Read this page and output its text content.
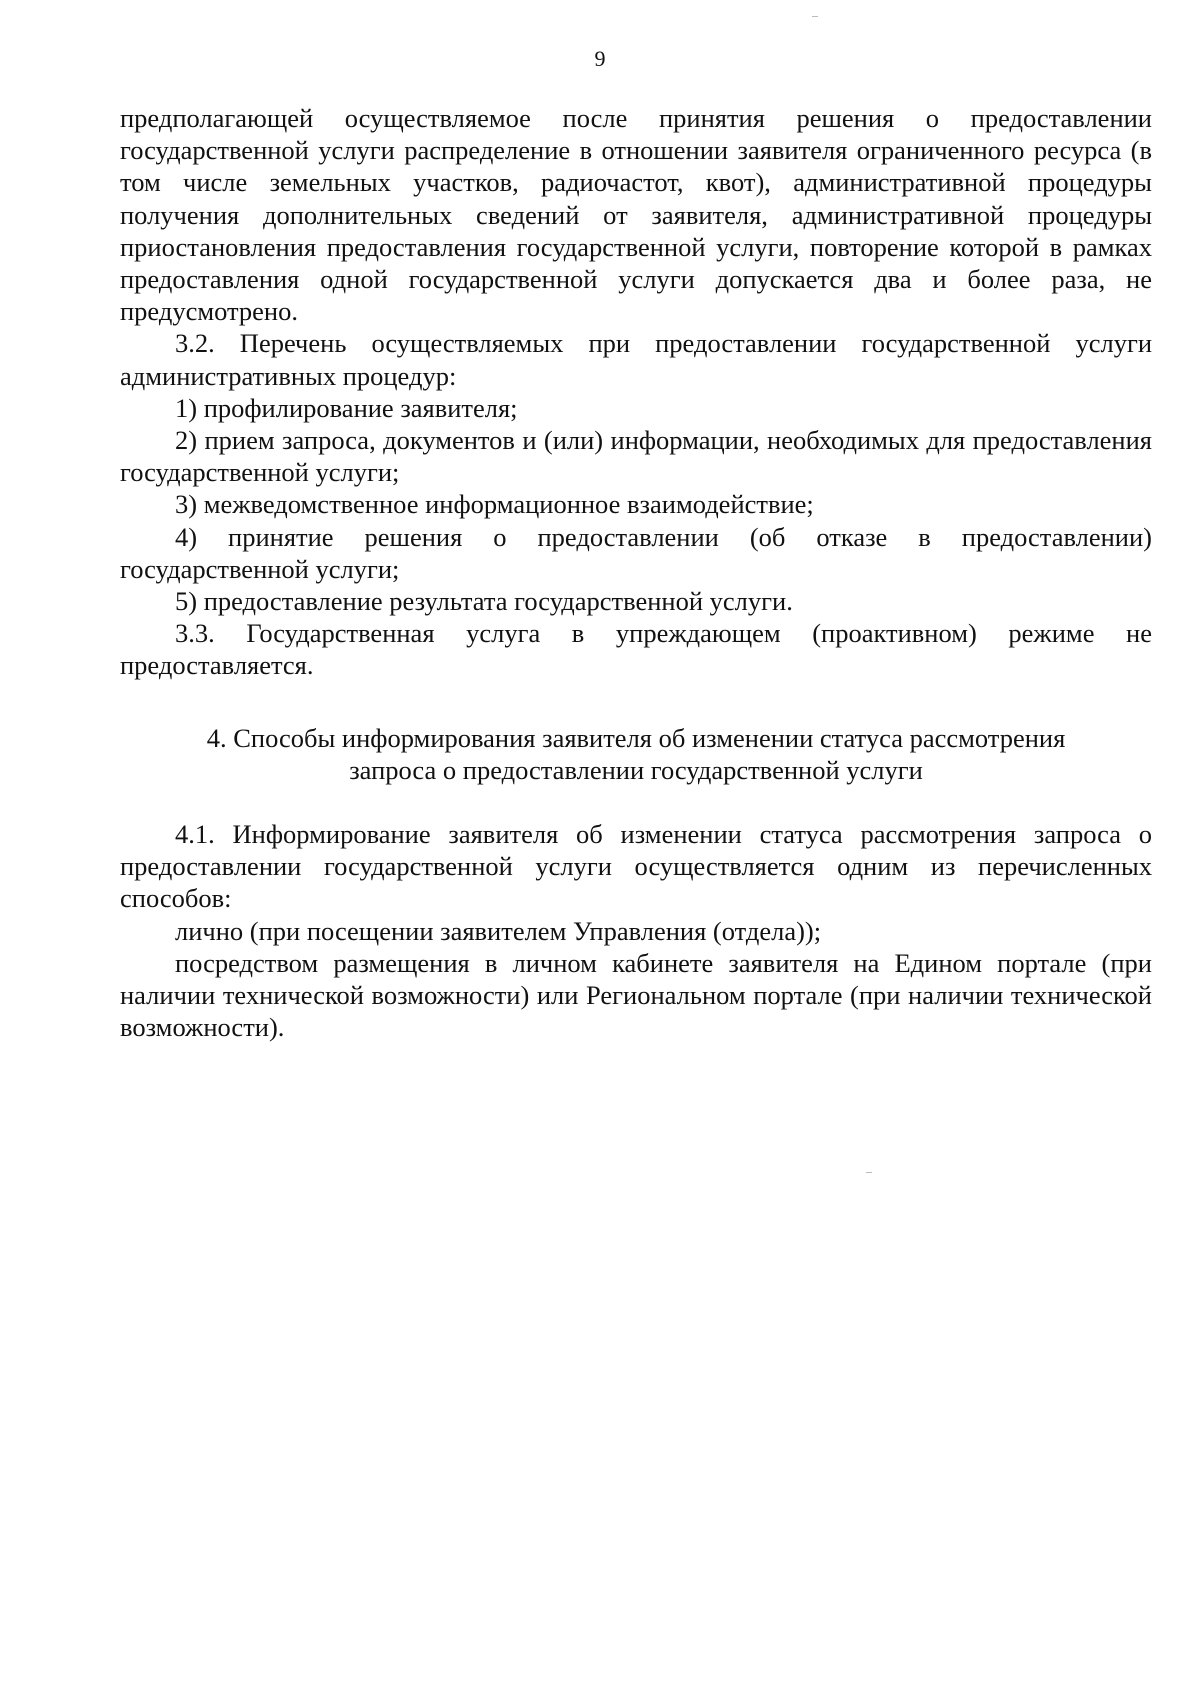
9

предполагающей осуществляемое после принятия решения о предоставлении государственной услуги распределение в отношении заявителя ограниченного ресурса (в том числе земельных участков, радиочастот, квот), административной процедуры получения дополнительных сведений от заявителя, административной процедуры приостановления предоставления государственной услуги, повторение которой в рамках предоставления одной государственной услуги допускается два и более раза, не предусмотрено.

3.2. Перечень осуществляемых при предоставлении государственной услуги административных процедур:

1) профилирование заявителя;

2) прием запроса, документов и (или) информации, необходимых для предоставления государственной услуги;

3) межведомственное информационное взаимодействие;

4) принятие решения о предоставлении (об отказе в предоставлении) государственной услуги;

5) предоставление результата государственной услуги.

3.3. Государственная услуга в упреждающем (проактивном) режиме не предоставляется.

4. Способы информирования заявителя об изменении статуса рассмотрения запроса о предоставлении государственной услуги

4.1. Информирование заявителя об изменении статуса рассмотрения запроса о предоставлении государственной услуги осуществляется одним из перечисленных способов:

лично (при посещении заявителем Управления (отдела));

посредством размещения в личном кабинете заявителя на Едином портале (при наличии технической возможности) или Региональном портале (при наличии технической возможности).
